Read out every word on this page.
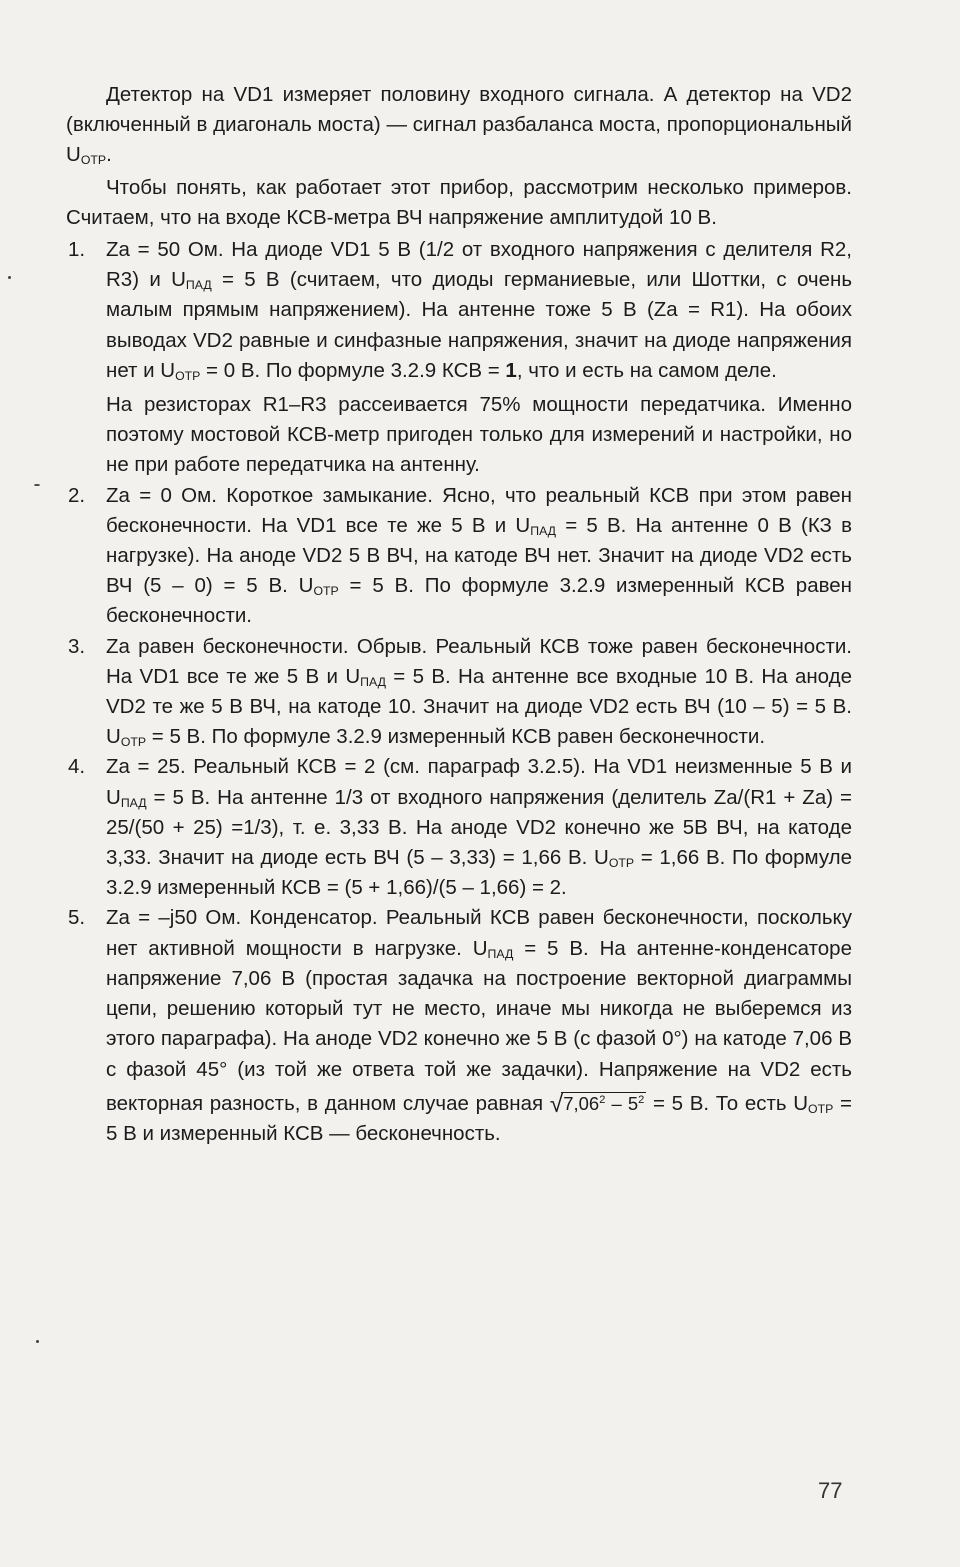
Детектор на VD1 измеряет половину входного сигнала. А детектор на VD2 (включенный в диагональ моста) — сигнал разбаланса моста, пропорциональный $U_{ОТР}$.

Чтобы понять, как работает этот прибор, рассмотрим несколько примеров. Считаем, что на входе КСВ-метра ВЧ напряжение амплитудой 10 В.

1. Za = 50 Ом. На диоде VD1 5 В (1/2 от входного напряжения с делителя R2, R3) и $U_{ПАД} = 5$ В (считаем, что диоды германиевые, или Шоттки, с очень малым прямым напряжением). На антенне тоже 5 В (Za = R1). На обоих выводах VD2 равные и синфазные напряжения, значит на диоде напряжения нет и $U_{ОТР} = 0$ В. По формуле 3.2.9 КСВ = 1, что и есть на самом деле.

На резисторах R1–R3 рассеивается 75% мощности передатчика. Именно поэтому мостовой КСВ-метр пригоден только для измерений и настройки, но не при работе передатчика на антенну.

2. Za = 0 Ом. Короткое замыкание. Ясно, что реальный КСВ при этом равен бесконечности. На VD1 все те же 5 В и $U_{ПАД} = 5$ В. На антенне 0 В (КЗ в нагрузке). На аноде VD2 5 В ВЧ, на катоде ВЧ нет. Значит на диоде VD2 есть ВЧ (5 – 0) = 5 В. $U_{ОТР} = 5$ В. По формуле 3.2.9 измеренный КСВ равен бесконечности.
3. Za равен бесконечности. Обрыв. Реальный КСВ тоже равен бесконечности. На VD1 все те же 5 В и $U_{ПАД} = 5$ В. На антенне все входные 10 В. На аноде VD2 те же 5 В ВЧ, на катоде 10. Значит на диоде VD2 есть ВЧ (10 – 5) = 5 В. $U_{ОТР} = 5$ В. По формуле 3.2.9 измеренный КСВ равен бесконечности.
4. Za = 25. Реальный КСВ = 2 (см. параграф 3.2.5). На VD1 неизменные 5 В и $U_{ПАД} = 5$ В. На антенне 1/3 от входного напряжения (делитель Za/(R1 + Za) = 25/(50 + 25) =1/3), т. е. 3,33 В. На аноде VD2 конечно же 5В ВЧ, на катоде 3,33. Значит на диоде есть ВЧ (5 – 3,33) = 1,66 В. $U_{ОТР} = 1,66$ В. По формуле 3.2.9 измеренный КСВ = (5 + 1,66)/(5 – 1,66) = 2.
5. Za = –j50 Ом. Конденсатор. Реальный КСВ равен бесконечности, поскольку нет активной мощности в нагрузке. $U_{ПАД} = 5$ В. На антенне-конденсаторе напряжение 7,06 В (простая задачка на построение векторной диаграммы цепи, решению который тут не место, иначе мы никогда не выберемся из этого параграфа). На аноде VD2 конечно же 5 В (с фазой 0°) на катоде 7,06 В с фазой 45° (из той же ответа той же задачки). Напряжение на VD2 есть векторная разность, в данном случае равная $√7,06^2 - 5^2 = 5$ В. То есть $U_{ОТР} = 5$ В и измеренный КСВ — бесконечность.
77
